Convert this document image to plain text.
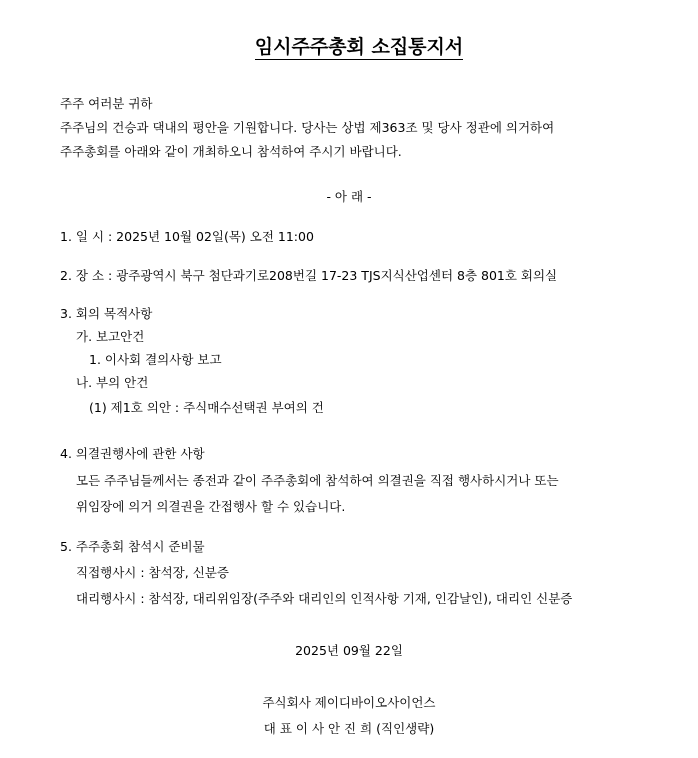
임시주주총회 소집통지서
주주 여러분 귀하
주주님의 건승과 댁내의 평안을 기원합니다. 당사는 상법 제363조 및 당사 정관에 의거하여
주주총회를 아래와 같이 개최하오니 참석하여 주시기 바랍니다.
- 아 래 -
1. 일 시 : 2025년 10월 02일(목) 오전 11:00
2. 장 소 : 광주광역시 북구 첨단과기로208번길 17-23 TJS지식산업센터 8층 801호 회의실
3. 회의 목적사항
가. 보고안건
1. 이사회 결의사항 보고
나. 부의 안건
(1) 제1호 의안 : 주식매수선택권 부여의 건
4. 의결권행사에 관한 사항
모든 주주님들께서는 종전과 같이 주주총회에 참석하여 의결권을 직접 행사하시거나 또는
위임장에 의거 의결권을 간접행사 할 수 있습니다.
5. 주주총회 참석시 준비물
직접행사시 : 참석장, 신분증
대리행사시 : 참석장, 대리위임장(주주와 대리인의 인적사항 기재, 인감날인), 대리인 신분증
2025년 09월 22일
주식회사 제이디바이오사이언스
대 표 이 사 안 진 희 (직인생략)
